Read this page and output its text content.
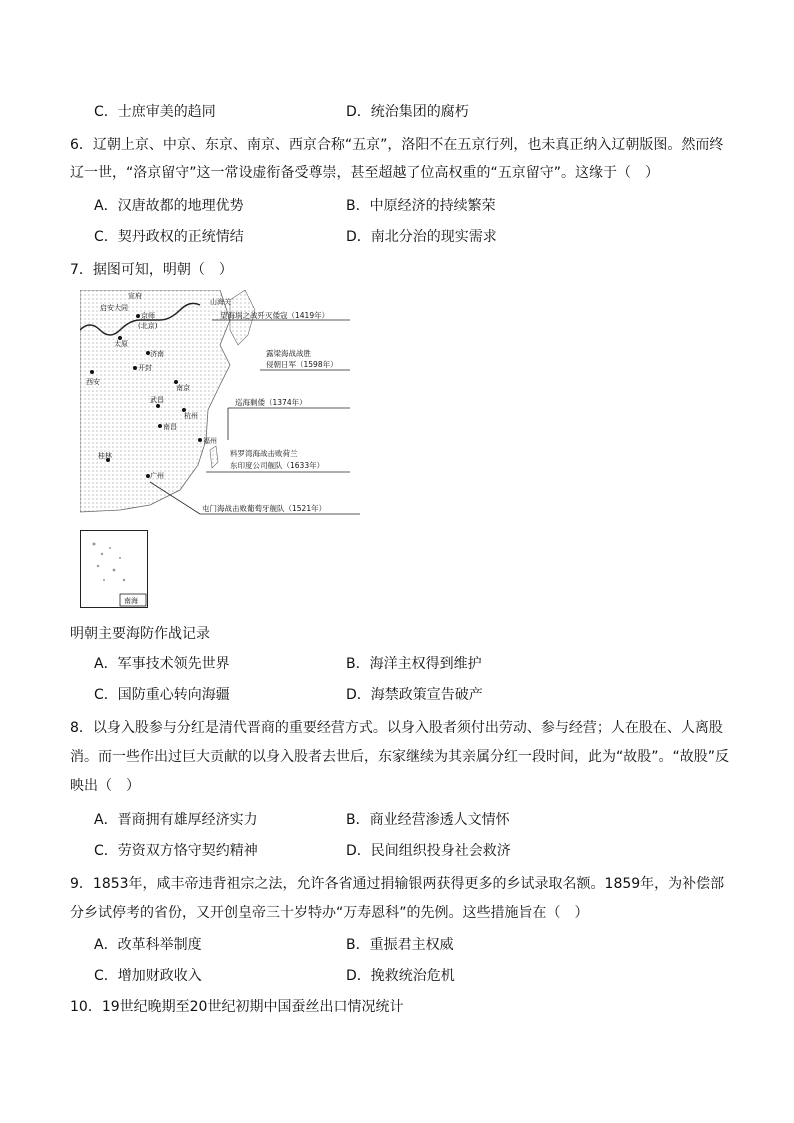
C．士庶审美的趋同	D．统治集团的腐朽
6．辽朝上京、中京、东京、南京、西京合称“五京”，洛阳不在五京行列，也未真正纳入辽朝版图。然而终
辽一世，“洛京留守”这一常设虚衔备受尊崇，甚至超越了位高权重的“五京留守”。这缘于（　）
A．汉唐故都的地理优势	B．中原经济的持续繁荣
C．契丹政权的正统情结	D．南北分治的现实需求
7．据图可知，明朝（　）
宣府
启安大同
京师
(北京)
太原
济南
开封
西安
南京
武昌
杭州
南昌
福州
桂林
广州
山海关
望海埚之战歼灭倭寇（1419年）
露梁海战战胜
侵朝日军（1598年）
巡海剿倭（1374年）
料罗湾海战击败荷兰
东印度公司舰队（1633年）
屯门海战击败葡萄牙舰队（1521年）
南海
明朝主要海防作战记录
A．军事技术领先世界	B．海洋主权得到维护
C．国防重心转向海疆	D．海禁政策宣告破产
8．以身入股参与分红是清代晋商的重要经营方式。以身入股者须付出劳动、参与经营；人在股在、人离股
消。而一些作出过巨大贡献的以身入股者去世后，东家继续为其亲属分红一段时间，此为“故股”。“故股”反
映出（　）
A．晋商拥有雄厚经济实力	B．商业经营渗透人文情怀
C．劳资双方恪守契约精神	D．民间组织投身社会救济
9．1853年，咸丰帝违背祖宗之法，允许各省通过捐输银两获得更多的乡试录取名额。1859年，为补偿部
分乡试停考的省份，又开创皇帝三十岁特办“万寿恩科”的先例。这些措施旨在（　）
A．改革科举制度	B．重振君主权威
C．增加财政收入	D．挽救统治危机
10．19世纪晚期至20世纪初期中国蚕丝出口情况统计
